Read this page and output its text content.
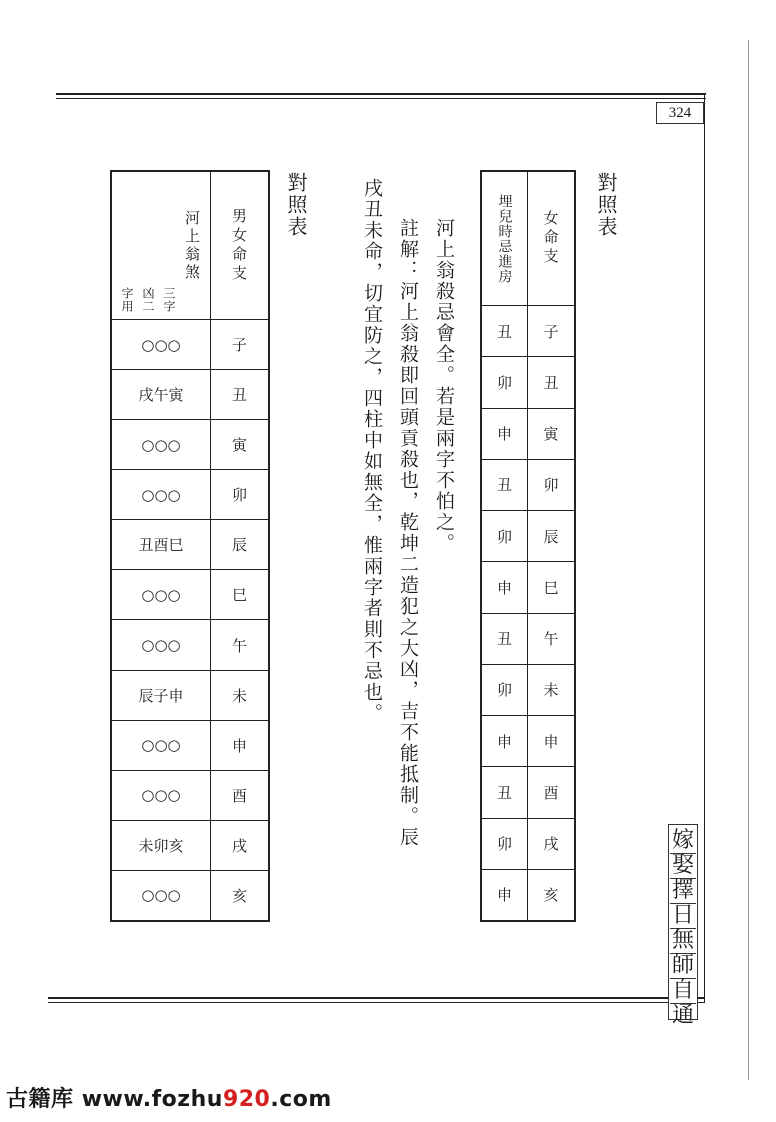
324
嫁
娶
擇
日
無
師
自
通
對照表
對照表
河上翁殺忌會全。若是兩字不怕之。
註解：河上翁殺即回頭貢殺也，乾坤二造犯之大凶，吉不能抵制。辰
戌丑未命，切宜防之，四柱中如無全，惟兩字者則不忌也。	女命支
子
丑
寅
卯
辰
巳
午
未
申
酉
戌
亥
埋兒時忌進房
丑
卯
申
丑
卯
申
丑
卯
申
丑
卯
申
男女命支
子
丑
寅
卯
辰
巳
午
未
申
酉
戌
亥
河上翁煞
三字
凶二
字用
○○○
戌午寅
○○○
○○○
丑酉巳
○○○
○○○
辰子申
○○○
○○○
未卯亥
○○○
古籍库 www.fozhu920.com
